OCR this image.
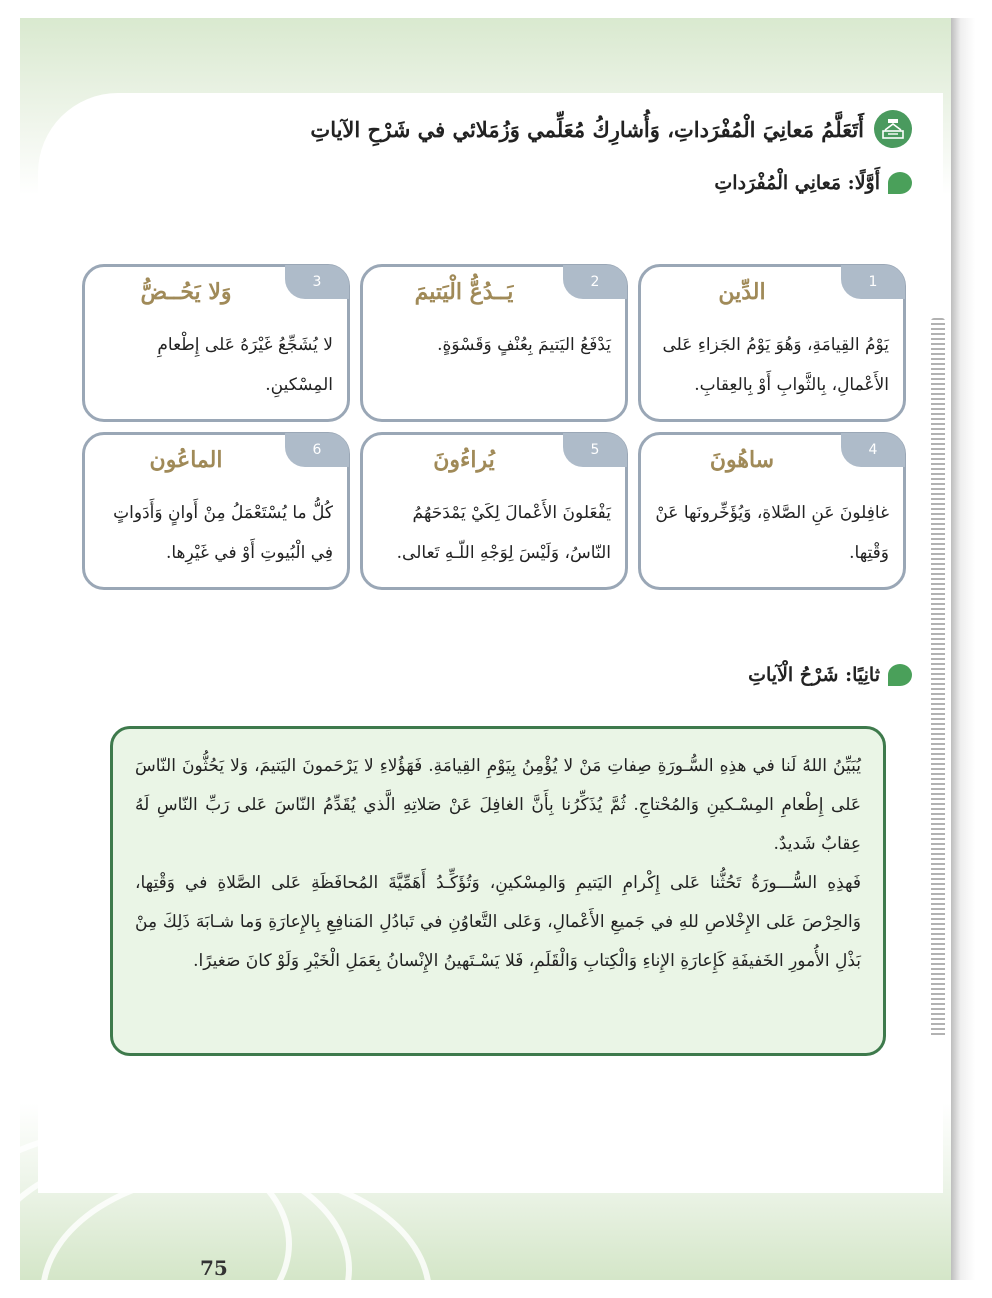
أَتَعَلَّمُ مَعانِيَ الْمُفْرَداتِ، وَأُشارِكُ مُعَلِّمي وَزُمَلائي في شَرْحِ الآياتِ
أَوَّلًا: مَعانِي الْمُفْرَداتِ
1
الدِّين
يَوْمُ القِيامَةِ، وَهُوَ يَوْمُ الجَزاءِ عَلى الأَعْمالِ، بِالثَّوابِ أَوْ بِالعِقابِ.
2
يَــدُعُّ الْيَتيمَ
يَدْفَعُ اليَتيمَ بِعُنْفٍ وَقَسْوَةٍ.
3
وَلا يَحُــضُّ
لا يُشَجِّعُ غَيْرَهُ عَلى إِطْعامِ المِسْكينِ.
4
ساهُونَ
غافِلونَ عَنِ الصَّلاةِ، وَيُؤَخِّرونَها عَنْ وَقْتِها.
5
يُراءُونَ
يَفْعَلونَ الأَعْمالَ لِكَيْ يَمْدَحَهُمُ النّاسُ، وَلَيْسَ لِوَجْهِ اللّـهِ تَعالى.
6
الماعُون
كُلُّ ما يُسْتَعْمَلُ مِنْ أَوانٍ وَأَدَواتٍ فِي الْبُيوتِ أَوْ في غَيْرِها.
ثانِيًا: شَرْحُ الْآياتِ

يُبَيِّنُ اللهُ لَنا في هذِهِ السُّـورَةِ صِفاتِ مَنْ لا يُؤْمِنُ بِيَوْمِ القِيامَةِ. فَهَؤُلاءِ لا يَرْحَمونَ اليَتيمَ، وَلا يَحُثُّونَ النّاسَ عَلى إِطْعامِ المِسْـكينِ وَالمُحْتاجِ. ثُمَّ يُذَكِّرُنا بِأَنَّ الغافِلَ عَنْ صَلاتِهِ الَّذي يُقَدِّمُ النّاسَ عَلى رَبِّ النّاسِ لَهُ عِقابٌ شَديدٌ.

فَهذِهِ السُّـــورَةُ تَحُثُّنا عَلى إِكْرامِ اليَتيمِ وَالمِسْكينِ، وَتُؤَكِّـدُ أَهَمِّيَّةَ المُحافَظَةِ عَلى الصَّلاةِ في وَقْتِها، وَالحِرْصَ عَلى الإِخْلاصِ للهِ في جَميعِ الأَعْمالِ، وَعَلى التَّعاوُنِ في تَبادُلِ المَنافِعِ بِالإِعارَةِ وَما شـابَهَ ذَلِكَ مِنْ بَذْلِ الأُمورِ الخَفيفَةِ كَإِعارَةِ الإِناءِ وَالْكِتابِ وَالْقَلَمِ، فَلا يَسْـتَهينُ الإِنْسانُ بِعَمَلِ الْخَيْرِ وَلَوْ كانَ صَغيرًا.

75
